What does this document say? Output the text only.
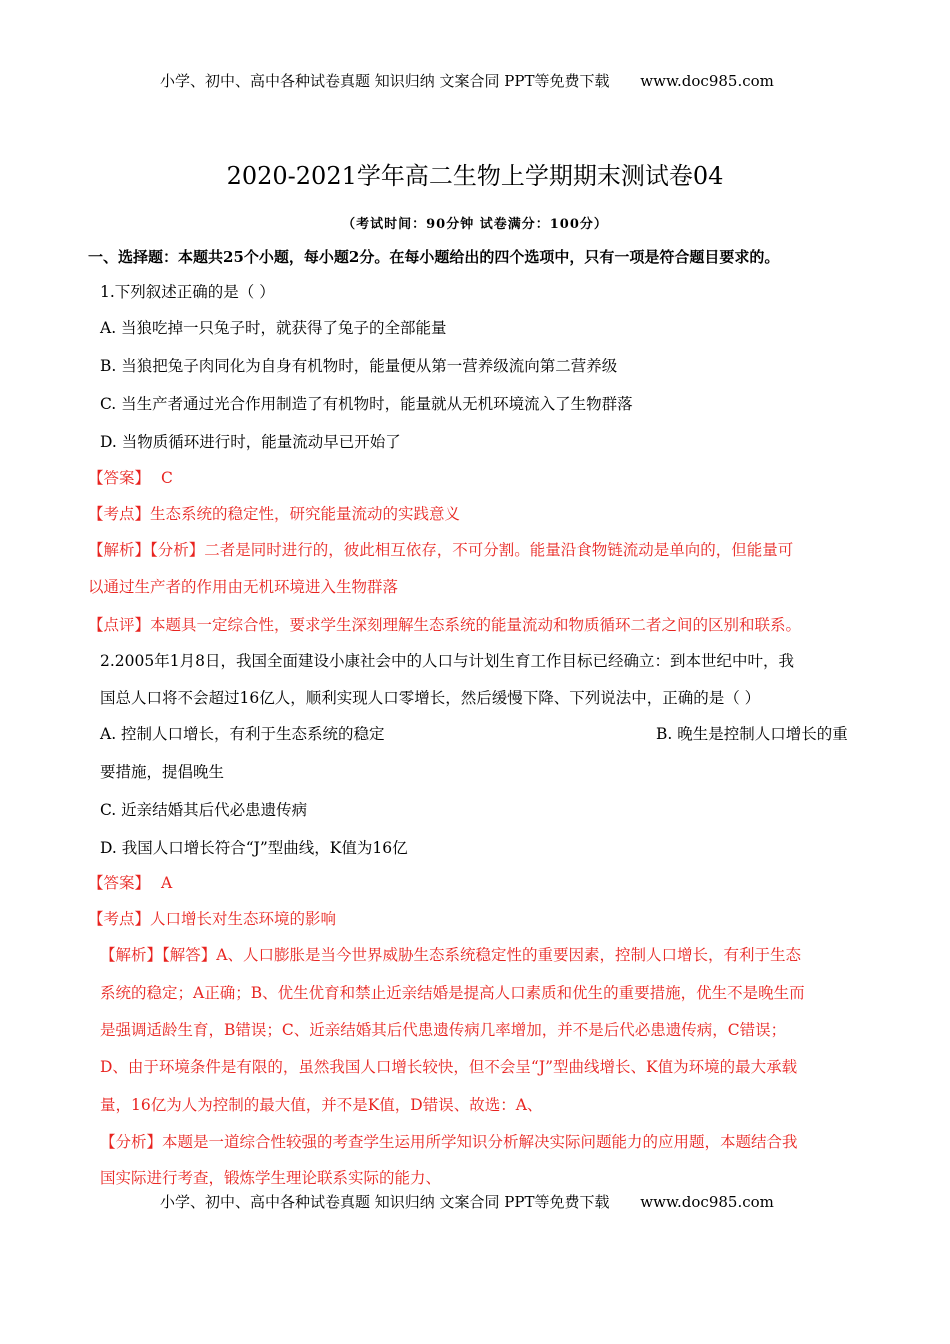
小学、初中、高中各种试卷真题 知识归纳 文案合同 PPT等免费下载 www.doc985.com
2020-2021学年高二生物上学期期末测试卷04
（考试时间：90分钟 试卷满分：100分）
一、选择题：本题共25个小题，每小题2分。在每小题给出的四个选项中，只有一项是符合题目要求的。
1.下列叙述正确的是（ ）
A. 当狼吃掉一只兔子时，就获得了兔子的全部能量
B. 当狼把兔子肉同化为自身有机物时，能量便从第一营养级流向第二营养级
C. 当生产者通过光合作用制造了有机物时，能量就从无机环境流入了生物群落
D. 当物质循环进行时，能量流动早已开始了
【答案】 C
【考点】生态系统的稳定性，研究能量流动的实践意义
【解析】【分析】二者是同时进行的，彼此相互依存，不可分割。能量沿食物链流动是单向的，但能量可
以通过生产者的作用由无机环境进入生物群落
【点评】本题具一定综合性，要求学生深刻理解生态系统的能量流动和物质循环二者之间的区别和联系。
2.2005年1月8日，我国全面建设小康社会中的人口与计划生育工作目标已经确立：到本世纪中叶，我
国总人口将不会超过16亿人，顺利实现人口零增长，然后缓慢下降、下列说法中，正确的是（ ）
A. 控制人口增长，有利于生态系统的稳定	B. 晚生是控制人口增长的重
要措施，提倡晚生
C. 近亲结婚其后代必患遗传病
D. 我国人口增长符合“J”型曲线，K值为16亿
【答案】 A
【考点】人口增长对生态环境的影响
【解析】【解答】A、人口膨胀是当今世界威胁生态系统稳定性的重要因素，控制人口增长，有利于生态
系统的稳定；A正确；B、优生优育和禁止近亲结婚是提高人口素质和优生的重要措施，优生不是晚生而
是强调适龄生育，B错误；C、近亲结婚其后代患遗传病几率增加，并不是后代必患遗传病，C错误；
D、由于环境条件是有限的，虽然我国人口增长较快，但不会呈“J”型曲线增长、K值为环境的最大承载
量，16亿为人为控制的最大值，并不是K值，D错误、故选：A、
【分析】本题是一道综合性较强的考查学生运用所学知识分析解决实际问题能力的应用题，本题结合我
国实际进行考查，锻炼学生理论联系实际的能力、
小学、初中、高中各种试卷真题 知识归纳 文案合同 PPT等免费下载 www.doc985.com
